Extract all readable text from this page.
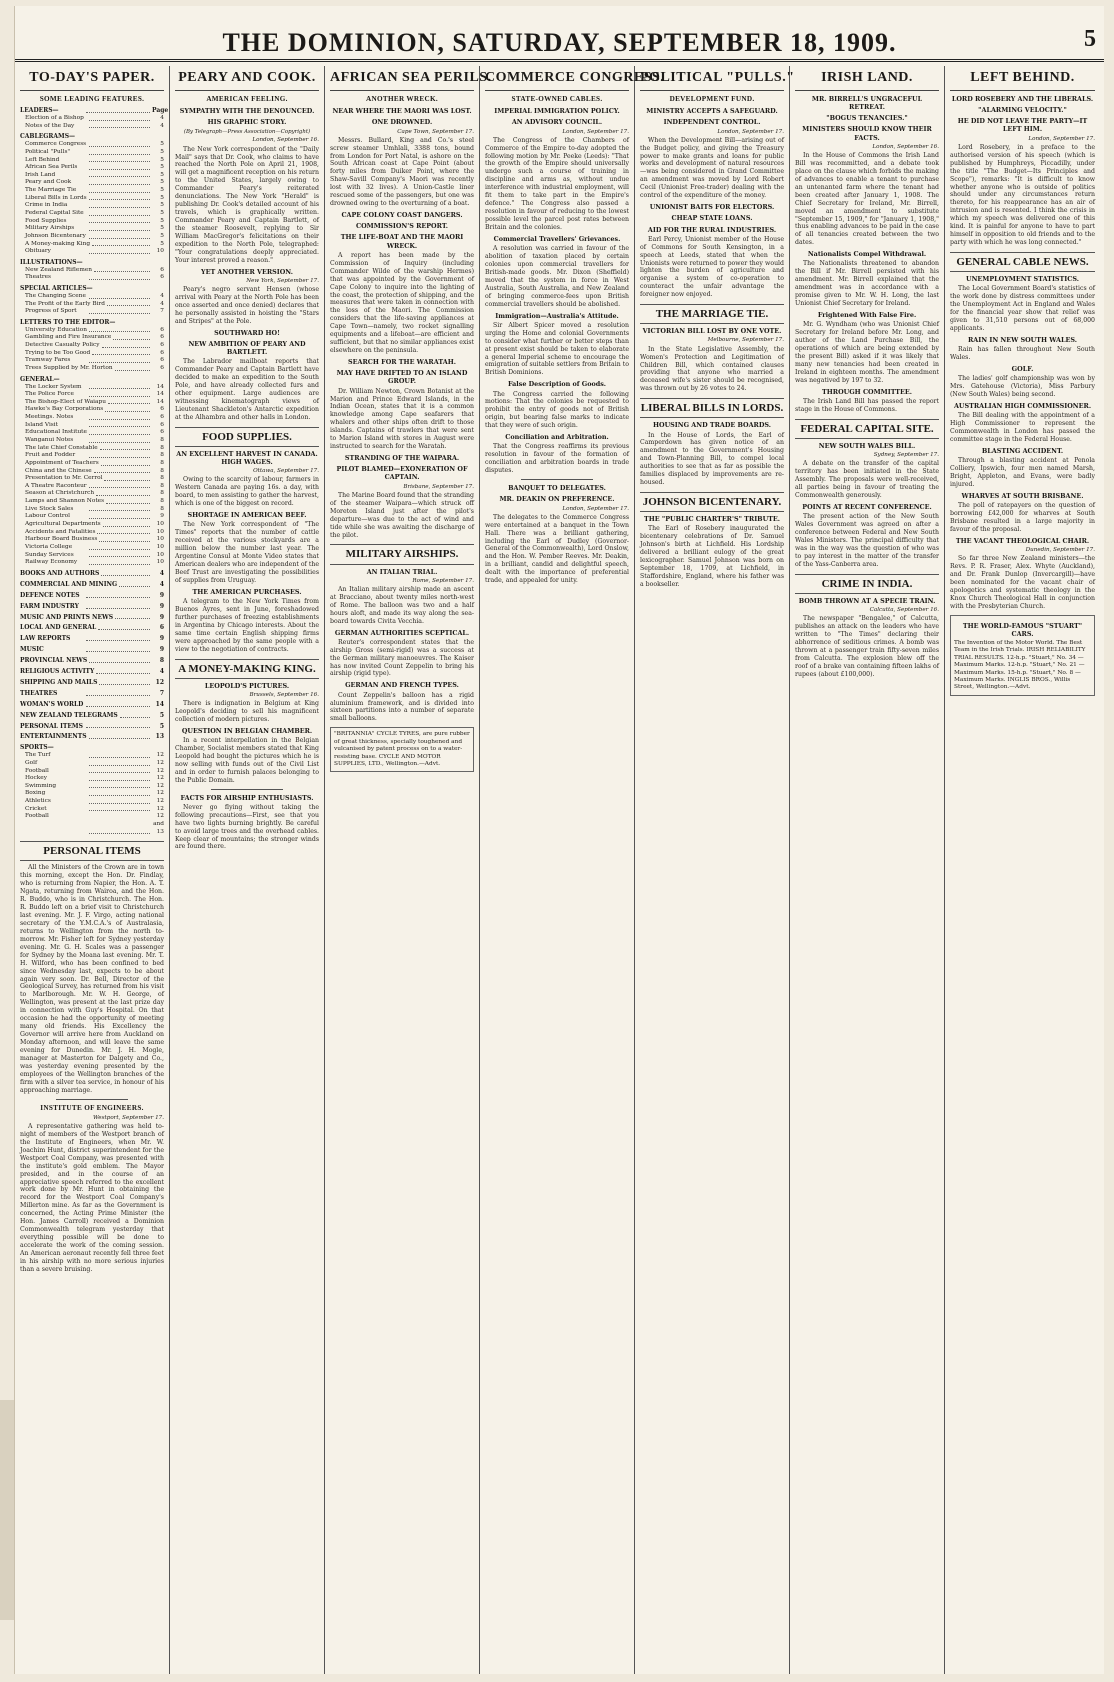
THE DOMINION, SATURDAY, SEPTEMBER 18, 1909.	5
TO-DAY'S PAPER.
SOME LEADING FEATURES.
LEADERS—	Page
Election of a Bishop	4
Notes of the Day	4
CABLEGRAMS—
Commerce Congress	5
Political "Pulls"	5
Left Behind	5
African Sea Perils	5
Irish Land	5
Peary and Cook	5
The Marriage Tie	5
Liberal Bills in Lords	5
Crime in India	5
Federal Capital Site	5
Food Supplies	5
Military Airships	5
Johnson Bicentenary	5
A Money-making King	5
Obituary	10
ILLUSTRATIONS—
New Zealand Riflemen	6
Theatres	6
SPECIAL ARTICLES—
The Changing Scene	4
The Profit of the Early Bird	4
Progress of Sport	7
LETTERS TO THE EDITOR—
University Education	6
Gambling and Fire Insurance	6
Detective Casualty Policy	6
Trying to be Too Good	6
Tramway Fares	6
Trees Supplied by Mr. Horton	6
GENERAL—
The Locker System	14
The Police Force	14
The Bishop-Elect of Waiapu	14
Hawke's Bay Corporations	6
Meetings. Notes	6
Island Visit	6
Educational Institute	6
Wanganui Notes	8
The late Chief Constable	8
Fruit and Fodder	8
Appointment of Teachers	8
China and the Chinese	8
Presentation to Mr. Cerrol	8
A Theatre Raconteur	8
Season at Christchurch	8
Lamps and Shannon Notes	8
Live Stock Sales	8
Labour Control	9
Agricultural Departments	10
Accidents and Fatalities	10
Harbour Board Business	10
Victoria College	10
Sunday Services	10
Railway Economy	10
BOOKS AND AUTHORS	4
COMMERCIAL AND MINING	4
DEFENCE NOTES	9
FARM INDUSTRY	9
MUSIC AND PRINTS NEWS	9
LOCAL AND GENERAL	6
LAW REPORTS	9
MUSIC	9
PROVINCIAL NEWS	8
RELIGIOUS ACTIVITY	4
SHIPPING AND MAILS	12
THEATRES	7
WOMAN'S WORLD	14
NEW ZEALAND TELEGRAMS	5
PERSONAL ITEMS	5
ENTERTAINMENTS	13
SPORTS—
The Turf	12
Golf	12
Football	12
Hockey	12
Swimming	12
Boxing	12
Athletics	12
Cricket	12
Football	12 and 13
PERSONAL ITEMS
All the Ministers of the Crown are in town this morning, except the Hon. Dr. Findlay, who is returning from Napier, the Hon. A. T. Ngata, returning from Wairoa, and the Hon. R. Buddo, who is in Christchurch. The Hon. R. Buddo left on a brief visit to Christchurch last evening. Mr. J. F. Virgo, acting national secretary of the Y.M.C.A.'s of Australasia, returns to Wellington from the north to-morrow. Mr. Fisher left for Sydney yesterday evening. Mr. G. H. Scales was a passenger for Sydney by the Moana last evening. Mr. T. H. Wilford, who has been confined to bed since Wednesday last, expects to be about again very soon. Dr. Bell, Director of the Geological Survey, has returned from his visit to Marlborough. Mr. W. H. George, of Wellington, was present at the last prize day in connection with Guy's Hospital. On that occasion he had the opportunity of meeting many old friends. His Excellency the Governor will arrive here from Auckland on Monday afternoon, and will leave the same evening for Dunedin. Mr. J. H. Mogle, manager at Masterton for Dalgety and Co., was yesterday evening presented by the employees of the Wellington branches of the firm with a silver tea service, in honour of his approaching marriage.
INSTITUTE OF ENGINEERS.
Westport, September 17.
A representative gathering was held to-night of members of the Westport branch of the Institute of Engineers, when Mr. W. Joachim Hunt, district superintendent for the Westport Coal Company, was presented with the institute's gold emblem. The Mayor presided, and in the course of an appreciative speech referred to the excellent work done by Mr. Hunt in obtaining the record for the Westport Coal Company's Millerton mine. As far as the Government is concerned, the Acting Prime Minister (the Hon. James Carroll) received a Dominion Commonwealth telegram yesterday that everything possible will be done to accelerate the work of the coming session. An American aeronaut recently fell three feet in his airship with no more serious injuries than a severe bruising.
PEARY AND COOK.
AMERICAN FEELING.
SYMPATHY WITH THE DENOUNCED.
HIS GRAPHIC STORY.
(By Telegraph—Press Association—Copyright)
London, September 16.
The New York correspondent of the "Daily Mail" says that Dr. Cook, who claims to have reached the North Pole on April 21, 1908, will get a magnificent reception on his return to the United States, largely owing to Commander Peary's reiterated denunciations. The New York "Herald" is publishing Dr. Cook's detailed account of his travels, which is graphically written. Commander Peary and Captain Bartlett, of the steamer Roosevelt, replying to Sir William MacGregor's felicitations on their expedition to the North Pole, telegraphed: "Your congratulations deeply appreciated. Your interest proved a reason."
YET ANOTHER VERSION.
New York, September 17.
Peary's negro servant Hensen (whose arrival with Peary at the North Pole has been once asserted and once denied) declares that he personally assisted in hoisting the "Stars and Stripes" at the Pole.
SOUTHWARD HO!
NEW AMBITION OF PEARY AND BARTLETT.
The Labrador mailboat reports that Commander Peary and Captain Bartlett have decided to make an expedition to the South Pole, and have already collected furs and other equipment. Large audiences are witnessing kinematograph views of Lieutenant Shackleton's Antarctic expedition at the Alhambra and other halls in London.
FOOD SUPPLIES.
AN EXCELLENT HARVEST IN CANADA. HIGH WAGES.
Ottawa, September 17.
Owing to the scarcity of labour, farmers in Western Canada are paying 16s. a day, with board, to men assisting to gather the harvest, which is one of the biggest on record.
SHORTAGE IN AMERICAN BEEF.
The New York correspondent of "The Times" reports that the number of cattle received at the various stockyards are a million below the number last year. The Argentine Consul at Monte Video states that American dealers who are independent of the Beef Trust are investigating the possibilities of supplies from Uruguay.
THE AMERICAN PURCHASES.
A telegram to the New York Times from Buenos Ayres, sent in June, foreshadowed further purchases of freezing establishments in Argentina by Chicago interests. About the same time certain English shipping firms were approached by the same people with a view to the negotiation of contracts.
A MONEY-MAKING KING.
LEOPOLD'S PICTURES.
Brussels, September 16.
There is indignation in Belgium at King Leopold's deciding to sell his magnificent collection of modern pictures.
QUESTION IN BELGIAN CHAMBER.
In a recent interpellation in the Belgian Chamber, Socialist members stated that King Leopold had bought the pictures which he is now selling with funds out of the Civil List and in order to furnish palaces belonging to the Public Domain.
FACTS FOR AIRSHIP ENTHUSIASTS.
Never go flying without taking the following precautions—First, see that you have two lights burning brightly. Be careful to avoid large trees and the overhead cables. Keep clear of mountains; the stronger winds are found there.
AFRICAN SEA PERILS.
ANOTHER WRECK.
NEAR WHERE THE MAORI WAS LOST.
ONE DROWNED.
Cape Town, September 17.
Messrs. Bullard, King and Co.'s steel screw steamer Umhlali, 3388 tons, bound from London for Port Natal, is ashore on the South African coast at Cape Point (about forty miles from Duiker Point, where the Shaw-Savill Company's Maori was recently lost with 32 lives). A Union-Castle liner rescued some of the passengers, but one was drowned owing to the overturning of a boat.
CAPE COLONY COAST DANGERS.
COMMISSION'S REPORT.
THE LIFE-BOAT AND THE MAORI WRECK.
A report has been made by the Commission of Inquiry (including Commander Wilde of the warship Hermes) that was appointed by the Government of Cape Colony to inquire into the lighting of the coast, the protection of shipping, and the measures that were taken in connection with the loss of the Maori. The Commission considers that the life-saving appliances at Cape Town—namely, two rocket signalling equipments and a lifeboat—are efficient and sufficient, but that no similar appliances exist elsewhere on the peninsula.
SEARCH FOR THE WARATAH.
MAY HAVE DRIFTED TO AN ISLAND GROUP.
Dr. William Newton, Crown Botanist at the Marion and Prince Edward Islands, in the Indian Ocean, states that it is a common knowledge among Cape seafarers that whalers and other ships often drift to those islands. Captains of trawlers that were sent to Marion Island with stores in August were instructed to search for the Waratah.
STRANDING OF THE WAIPARA.
PILOT BLAMED—EXONERATION OF CAPTAIN.
Brisbane, September 17.
The Marine Board found that the stranding of the steamer Waipara—which struck off Moreton Island just after the pilot's departure—was due to the act of wind and tide while she was awaiting the discharge of the pilot.
MILITARY AIRSHIPS.
AN ITALIAN TRIAL.
Rome, September 17.
An Italian military airship made an ascent at Bracciano, about twenty miles north-west of Rome. The balloon was two and a half hours aloft, and made its way along the sea-board towards Civita Vecchia.
GERMAN AUTHORITIES SCEPTICAL.
Reuter's correspondent states that the airship Gross (semi-rigid) was a success at the German military manoeuvres. The Kaiser has now invited Count Zeppelin to bring his airship (rigid type).
GERMAN AND FRENCH TYPES.
Count Zeppelin's balloon has a rigid aluminium framework, and is divided into sixteen partitions into a number of separate small balloons.
"BRITANNIA" CYCLE TYRES, are pure rubber of great thickness, specially toughened and vulcanised by patent process on to a water-resisting base. CYCLE AND MOTOR SUPPLIES, LTD., Wellington.—Advt.
COMMERCE CONGRESS.
STATE-OWNED CABLES.
IMPERIAL IMMIGRATION POLICY.
AN ADVISORY COUNCIL.
London, September 17.
The Congress of the Chambers of Commerce of the Empire to-day adopted the following motion by Mr. Peeke (Leeds): "That the growth of the Empire should universally undergo such a course of training in discipline and arms as, without undue interference with industrial employment, will fit them to take part in the Empire's defence." The Congress also passed a resolution in favour of reducing to the lowest possible level the parcel post rates between Britain and the colonies.
Commercial Travellers' Grievances.
A resolution was carried in favour of the abolition of taxation placed by certain colonies upon commercial travellers for British-made goods. Mr. Dixon (Sheffield) moved that the system in force in West Australia, South Australia, and New Zealand of bringing commerce-fees upon British commercial travellers should be abolished.
Immigration—Australia's Attitude.
Sir Albert Spicer moved a resolution urging the Home and colonial Governments to consider what further or better steps than at present exist should be taken to elaborate a general Imperial scheme to encourage the emigration of suitable settlers from Britain to British Dominions.
False Description of Goods.
The Congress carried the following motions: That the colonies be requested to prohibit the entry of goods not of British origin, but bearing false marks to indicate that they were of such origin.
Conciliation and Arbitration.
That the Congress reaffirms its previous resolution in favour of the formation of conciliation and arbitration boards in trade disputes.
BANQUET TO DELEGATES.
MR. DEAKIN ON PREFERENCE.
London, September 17.
The delegates to the Commerce Congress were entertained at a banquet in the Town Hall. There was a brilliant gathering, including the Earl of Dudley (Governor-General of the Commonwealth), Lord Onslow, and the Hon. W. Pember Reeves. Mr. Deakin, in a brilliant, candid and delightful speech, dealt with the importance of preferential trade, and appealed for unity.
POLITICAL "PULLS."
DEVELOPMENT FUND.
MINISTRY ACCEPTS A SAFEGUARD.
INDEPENDENT CONTROL.
London, September 17.
When the Development Bill—arising out of the Budget policy, and giving the Treasury power to make grants and loans for public works and development of natural resources—was being considered in Grand Committee an amendment was moved by Lord Robert Cecil (Unionist Free-trader) dealing with the control of the expenditure of the money.
UNIONIST BAITS FOR ELECTORS.
CHEAP STATE LOANS.
AID FOR THE RURAL INDUSTRIES.
Earl Percy, Unionist member of the House of Commons for South Kensington, in a speech at Leeds, stated that when the Unionists were returned to power they would lighten the burden of agriculture and organise a system of co-operation to counteract the unfair advantage the foreigner now enjoyed.
THE MARRIAGE TIE.
VICTORIAN BILL LOST BY ONE VOTE.
Melbourne, September 17.
In the State Legislative Assembly, the Women's Protection and Legitimation of Children Bill, which contained clauses providing that anyone who married a deceased wife's sister should be recognised, was thrown out by 26 votes to 24.
LIBERAL BILLS IN LORDS.
HOUSING AND TRADE BOARDS.
In the House of Lords, the Earl of Camperdown has given notice of an amendment to the Government's Housing and Town-Planning Bill, to compel local authorities to see that as far as possible the families displaced by improvements are re-housed.
JOHNSON BICENTENARY.
THE "PUBLIC CHARTER'S" TRIBUTE.
The Earl of Rosebery inaugurated the bicentenary celebrations of Dr. Samuel Johnson's birth at Lichfield. His Lordship delivered a brilliant eulogy of the great lexicographer. Samuel Johnson was born on September 18, 1709, at Lichfield, in Staffordshire, England, where his father was a bookseller.
IRISH LAND.
MR. BIRRELL'S UNGRACEFUL RETREAT.
"BOGUS TENANCIES."
MINISTERS SHOULD KNOW THEIR FACTS.
London, September 16.
In the House of Commons the Irish Land Bill was recommitted, and a debate took place on the clause which forbids the making of advances to enable a tenant to purchase an untenanted farm where the tenant had been created after January 1, 1908. The Chief Secretary for Ireland, Mr. Birrell, moved an amendment to substitute "September 15, 1909," for "January 1, 1908," thus enabling advances to be paid in the case of all tenancies created between the two dates.
Nationalists Compel Withdrawal.
The Nationalists threatened to abandon the Bill if Mr. Birrell persisted with his amendment. Mr. Birrell explained that the amendment was in accordance with a promise given to Mr. W. H. Long, the last Unionist Chief Secretary for Ireland.
Frightened With False Fire.
Mr. G. Wyndham (who was Unionist Chief Secretary for Ireland before Mr. Long, and author of the Land Purchase Bill, the operations of which are being extended by the present Bill) asked if it was likely that many new tenancies had been created in Ireland in eighteen months. The amendment was negatived by 197 to 32.
THROUGH COMMITTEE.
The Irish Land Bill has passed the report stage in the House of Commons.
FEDERAL CAPITAL SITE.
NEW SOUTH WALES BILL.
Sydney, September 17.
A debate on the transfer of the capital territory has been initiated in the State Assembly. The proposals were well-received, all parties being in favour of treating the Commonwealth generously.
POINTS AT RECENT CONFERENCE.
The present action of the New South Wales Government was agreed on after a conference between Federal and New South Wales Ministers. The principal difficulty that was in the way was the question of who was to pay interest in the matter of the transfer of the Yass-Canberra area.
CRIME IN INDIA.
BOMB THROWN AT A SPECIE TRAIN.
Calcutta, September 16.
The newspaper "Bengalee," of Calcutta, publishes an attack on the leaders who have written to "The Times" declaring their abhorrence of seditious crimes. A bomb was thrown at a passenger train fifty-seven miles from Calcutta. The explosion blew off the roof of a brake van containing fifteen lakhs of rupees (about £100,000).
LEFT BEHIND.
LORD ROSEBERY AND THE LIBERALS.
"ALARMING VELOCITY."
HE DID NOT LEAVE THE PARTY—IT LEFT HIM.
London, September 17.
Lord Rosebery, in a preface to the authorised version of his speech (which is published by Humphreys, Piccadilly, under the title "The Budget—Its Principles and Scope"), remarks: "It is difficult to know whether anyone who is outside of politics should under any circumstances return thereto, for his reappearance has an air of intrusion and is resented. I think the crisis in which my speech was delivered one of this kind. It is painful for anyone to have to part himself in opposition to old friends and to the party with which he was long connected."
GENERAL CABLE NEWS.
UNEMPLOYMENT STATISTICS.
The Local Government Board's statistics of the work done by distress committees under the Unemployment Act in England and Wales for the financial year show that relief was given to 31,510 persons out of 68,000 applicants.
RAIN IN NEW SOUTH WALES.
Rain has fallen throughout New South Wales.
GOLF.
The ladies' golf championship was won by Mrs. Gatehouse (Victoria), Miss Parbury (New South Wales) being second.
AUSTRALIAN HIGH COMMISSIONER.
The Bill dealing with the appointment of a High Commissioner to represent the Commonwealth in London has passed the committee stage in the Federal House.
BLASTING ACCIDENT.
Through a blasting accident at Penola Colliery, Ipswich, four men named Marsh, Bright, Appleton, and Evans, were badly injured.
WHARVES AT SOUTH BRISBANE.
The poll of ratepayers on the question of borrowing £42,000 for wharves at South Brisbane resulted in a large majority in favour of the proposal.
THE VACANT THEOLOGICAL CHAIR.
Dunedin, September 17.
So far three New Zealand ministers—the Revs. P. R. Fraser, Alex. Whyte (Auckland), and Dr. Frank Dunlop (Invercargill)—have been nominated for the vacant chair of apologetics and systematic theology in the Knox Church Theological Hall in conjunction with the Presbyterian Church.
THE WORLD-FAMOUS "STUART" CARS.
The Invention of the Motor World. The Best Team in the Irish Trials. IRISH RELIABILITY TRIAL RESULTS. 12-h.p. "Stuart," No. 34 — Maximum Marks. 12-h.p. "Stuart," No. 21 — Maximum Marks. 15-h.p. "Stuart," No. 8 — Maximum Marks. INGLIS BROS., Willis Street, Wellington.—Advt.
